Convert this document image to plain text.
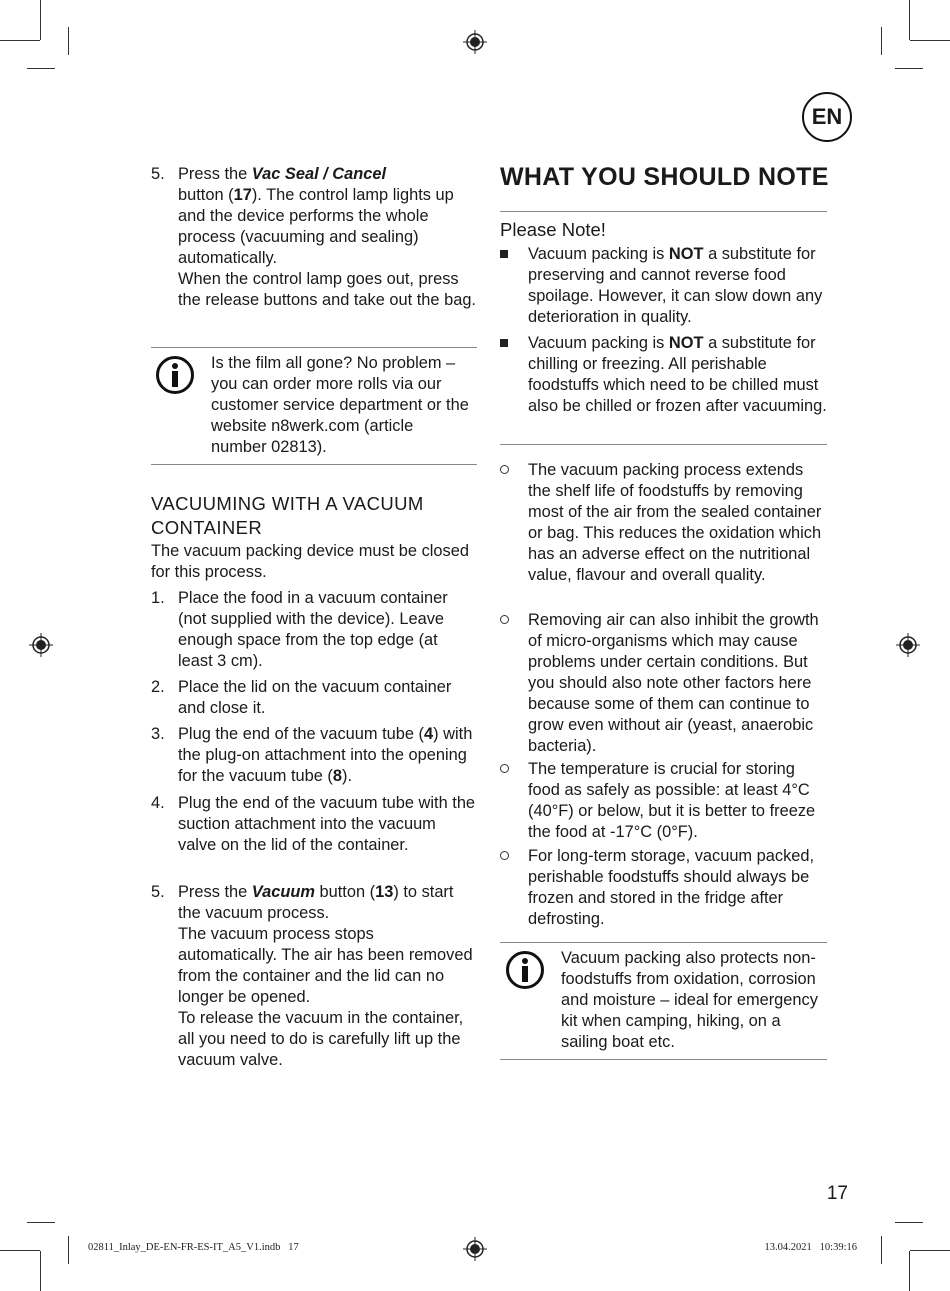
EN
5. Press the Vac Seal / Cancel
button (17). The control lamp lights up and the device performs the whole process (vacuuming and sealing) automatically.
When the control lamp goes out, press the release buttons and take out the bag.
Is the film all gone? No problem – you can order more rolls via our customer service department or the website n8werk.com (article number 02813).
VACUUMING WITH A VACUUM CONTAINER
The vacuum packing device must be closed for this process.
1. Place the food in a vacuum container (not supplied with the device). Leave enough space from the top edge (at least 3 cm).
2. Place the lid on the vacuum container and close it.
3. Plug the end of the vacuum tube (4) with the plug-on attachment into the opening for the vacuum tube (8).
4. Plug the end of the vacuum tube with the suction attachment into the vacuum valve on the lid of the container.
5. Press the Vacuum button (13) to start the vacuum process.
The vacuum process stops automatically. The air has been removed from the container and the lid can no longer be opened.
To release the vacuum in the container, all you need to do is carefully lift up the vacuum valve.
WHAT YOU SHOULD NOTE
Please Note!
Vacuum packing is NOT a substitute for preserving and cannot reverse food spoilage. However, it can slow down any deterioration in quality.
Vacuum packing is NOT a substitute for chilling or freezing. All perishable foodstuffs which need to be chilled must also be chilled or frozen after vacuuming.
The vacuum packing process extends the shelf life of foodstuffs by removing most of the air from the sealed container or bag. This reduces the oxidation which has an adverse effect on the nutritional value, flavour and overall quality.
Removing air can also inhibit the growth of micro-organisms which may cause problems under certain conditions. But you should also note other factors here because some of them can continue to grow even without air (yeast, anaerobic bacteria).
The temperature is crucial for storing food as safely as possible: at least 4°C (40°F) or below, but it is better to freeze the food at -17°C (0°F).
For long-term storage, vacuum packed, perishable foodstuffs should always be frozen and stored in the fridge after defrosting.
Vacuum packing also protects non-foodstuffs from oxidation, corrosion and moisture – ideal for emergency kit when camping, hiking, on a sailing boat etc.
17
02811_Inlay_DE-EN-FR-ES-IT_A5_V1.indb   17	13.04.2021   10:39:16
